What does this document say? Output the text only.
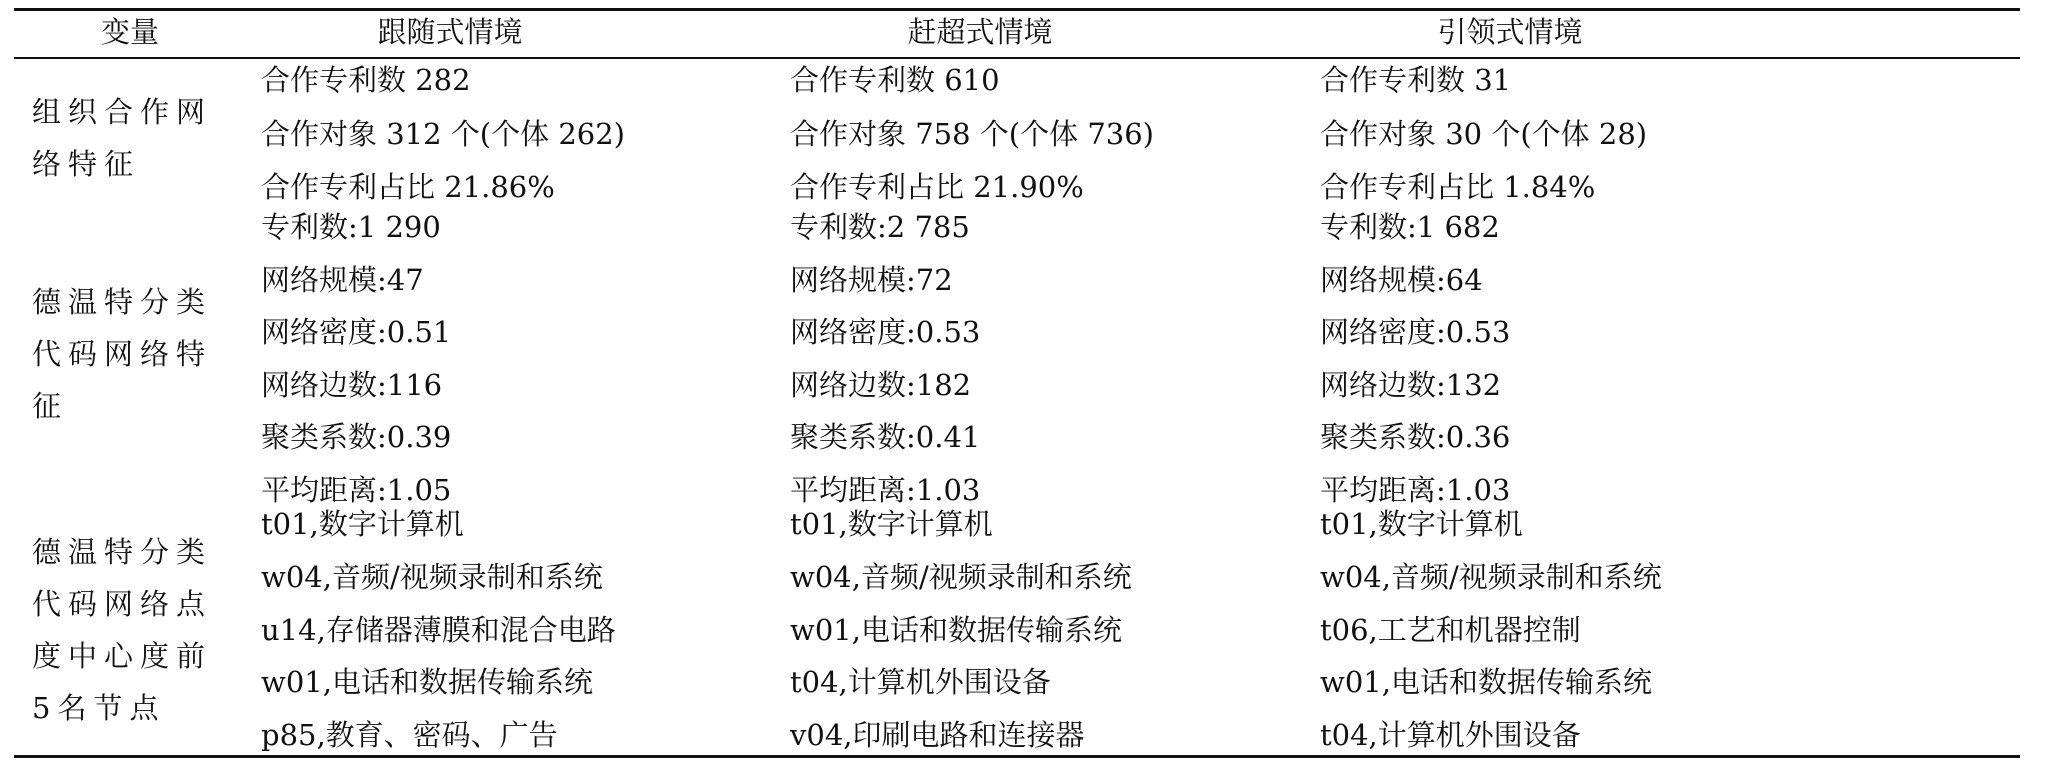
变量	跟随式情境	赶超式情境	引领式情境
组织合作网络特征
合作专利数 282	合作专利数 610	合作专利数 31
合作对象 312 个(个体 262)	合作对象 758 个(个体 736)	合作对象 30 个(个体 28)
合作专利占比 21.86%	合作专利占比 21.90%	合作专利占比 1.84%
德温特分类代码网络特征
专利数:1 290	专利数:2 785	专利数:1 682
网络规模:47	网络规模:72	网络规模:64
网络密度:0.51	网络密度:0.53	网络密度:0.53
网络边数:116	网络边数:182	网络边数:132
聚类系数:0.39	聚类系数:0.41	聚类系数:0.36
平均距离:1.05	平均距离:1.03	平均距离:1.03
德温特分类代码网络点度中心度前5名节点
t01,数字计算机	t01,数字计算机	t01,数字计算机
w04,音频/视频录制和系统	w04,音频/视频录制和系统	w04,音频/视频录制和系统
u14,存储器薄膜和混合电路	w01,电话和数据传输系统	t06,工艺和机器控制
w01,电话和数据传输系统	t04,计算机外围设备	w01,电话和数据传输系统
p85,教育、密码、广告	v04,印刷电路和连接器	t04,计算机外围设备
